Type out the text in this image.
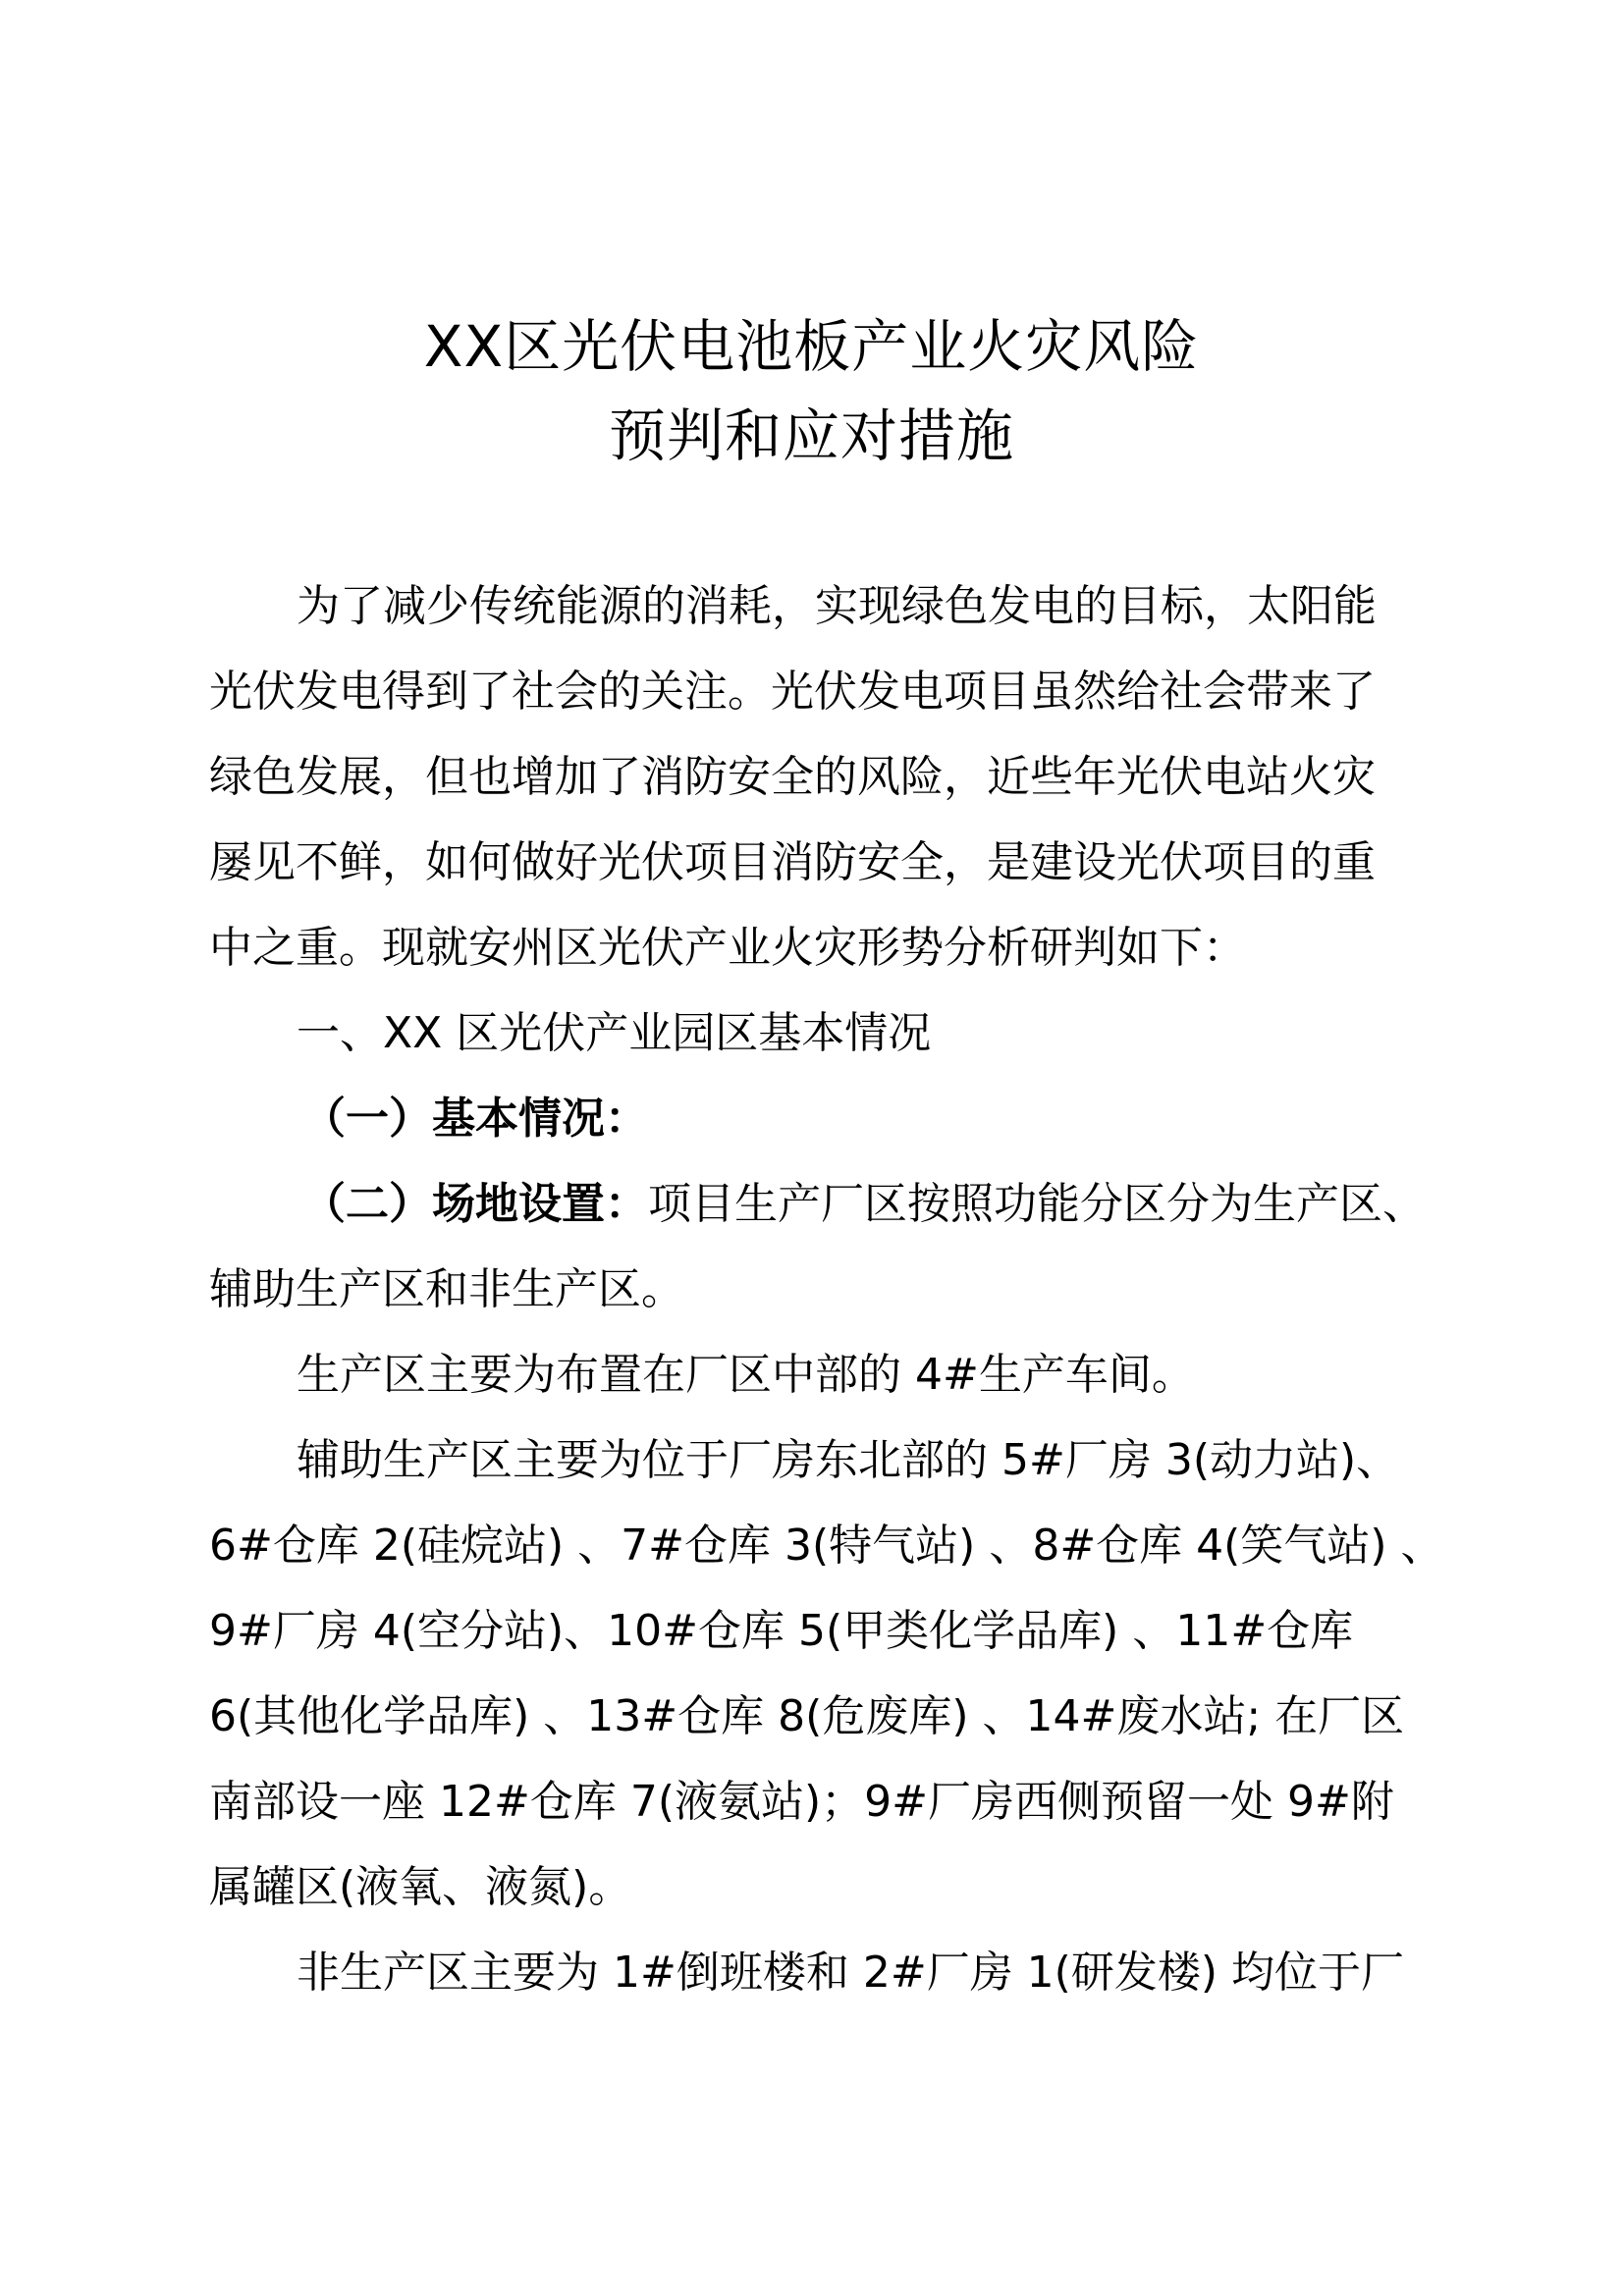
XX区光伏电池板产业火灾风险
预判和应对措施

为了减少传统能源的消耗，实现绿色发电的目标，太阳能

光伏发电得到了社会的关注。光伏发电项目虽然给社会带来了

绿色发展，但也增加了消防安全的风险，近些年光伏电站火灾

屡见不鲜，如何做好光伏项目消防安全，是建设光伏项目的重

中之重。现就安州区光伏产业火灾形势分析研判如下：

一、XX 区光伏产业园区基本情况

（一）基本情况：

（二）场地设置：项目生产厂区按照功能分区分为生产区、

辅助生产区和非生产区。

生产区主要为布置在厂区中部的 4#生产车间。

辅助生产区主要为位于厂房东北部的 5#厂房 3(动力站)、

6#仓库 2(硅烷站) 、7#仓库 3(特气站) 、8#仓库 4(笑气站) 、

9#厂房 4(空分站)、10#仓库 5(甲类化学品库) 、11#仓库

6(其他化学品库) 、13#仓库 8(危废库) 、14#废水站; 在厂区

南部设一座 12#仓库 7(液氨站)；9#厂房西侧预留一处 9#附

属罐区(液氧、液氮)。

非生产区主要为 1#倒班楼和 2#厂房 1(研发楼) 均位于厂
